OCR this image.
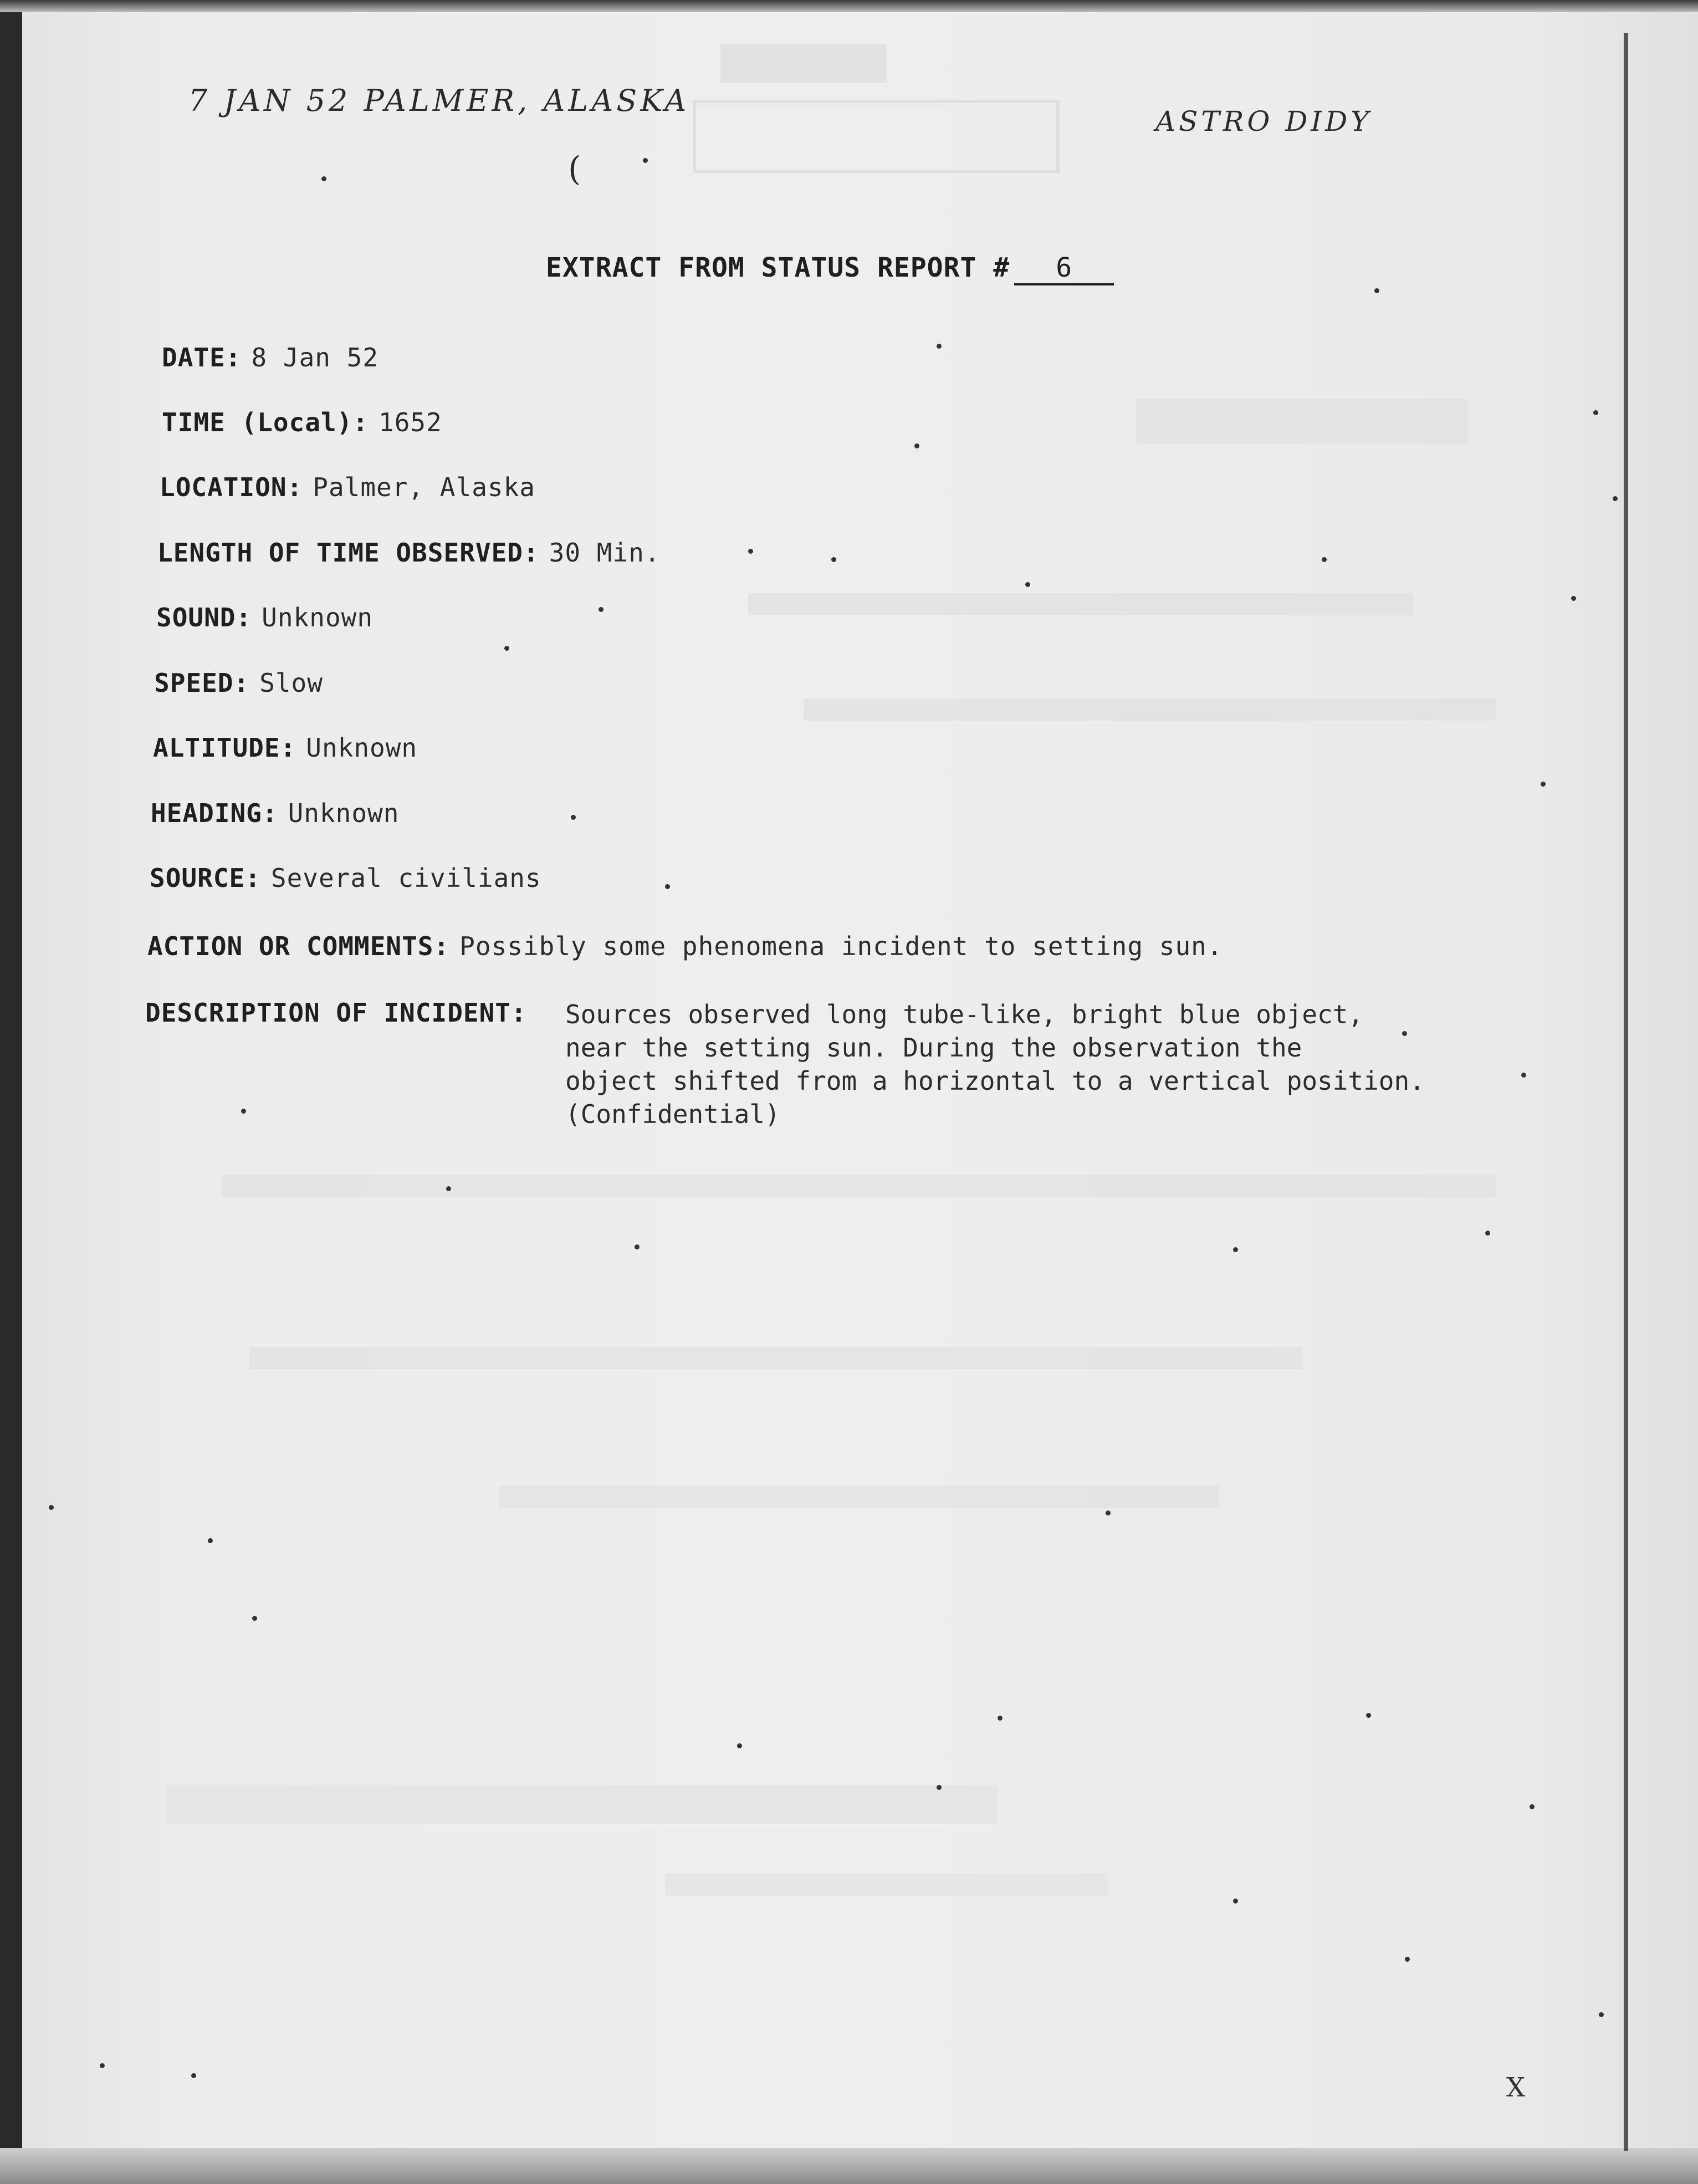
7 JAN 52 PALMER, ALASKA
ASTRO DIDY
(
EXTRACT FROM STATUS REPORT # 6
DATE: 8 Jan 52
TIME (Local): 1652
LOCATION: Palmer, Alaska
LENGTH OF TIME OBSERVED: 30 Min.
SOUND: Unknown
SPEED: Slow
ALTITUDE: Unknown
HEADING: Unknown
SOURCE: Several civilians
ACTION OR COMMENTS: Possibly some phenomena incident to setting sun.
DESCRIPTION OF INCIDENT: Sources observed long tube-like, bright blue object,
near the setting sun. During the observation the
object shifted from a horizontal to a vertical position.
(Confidential)
X
